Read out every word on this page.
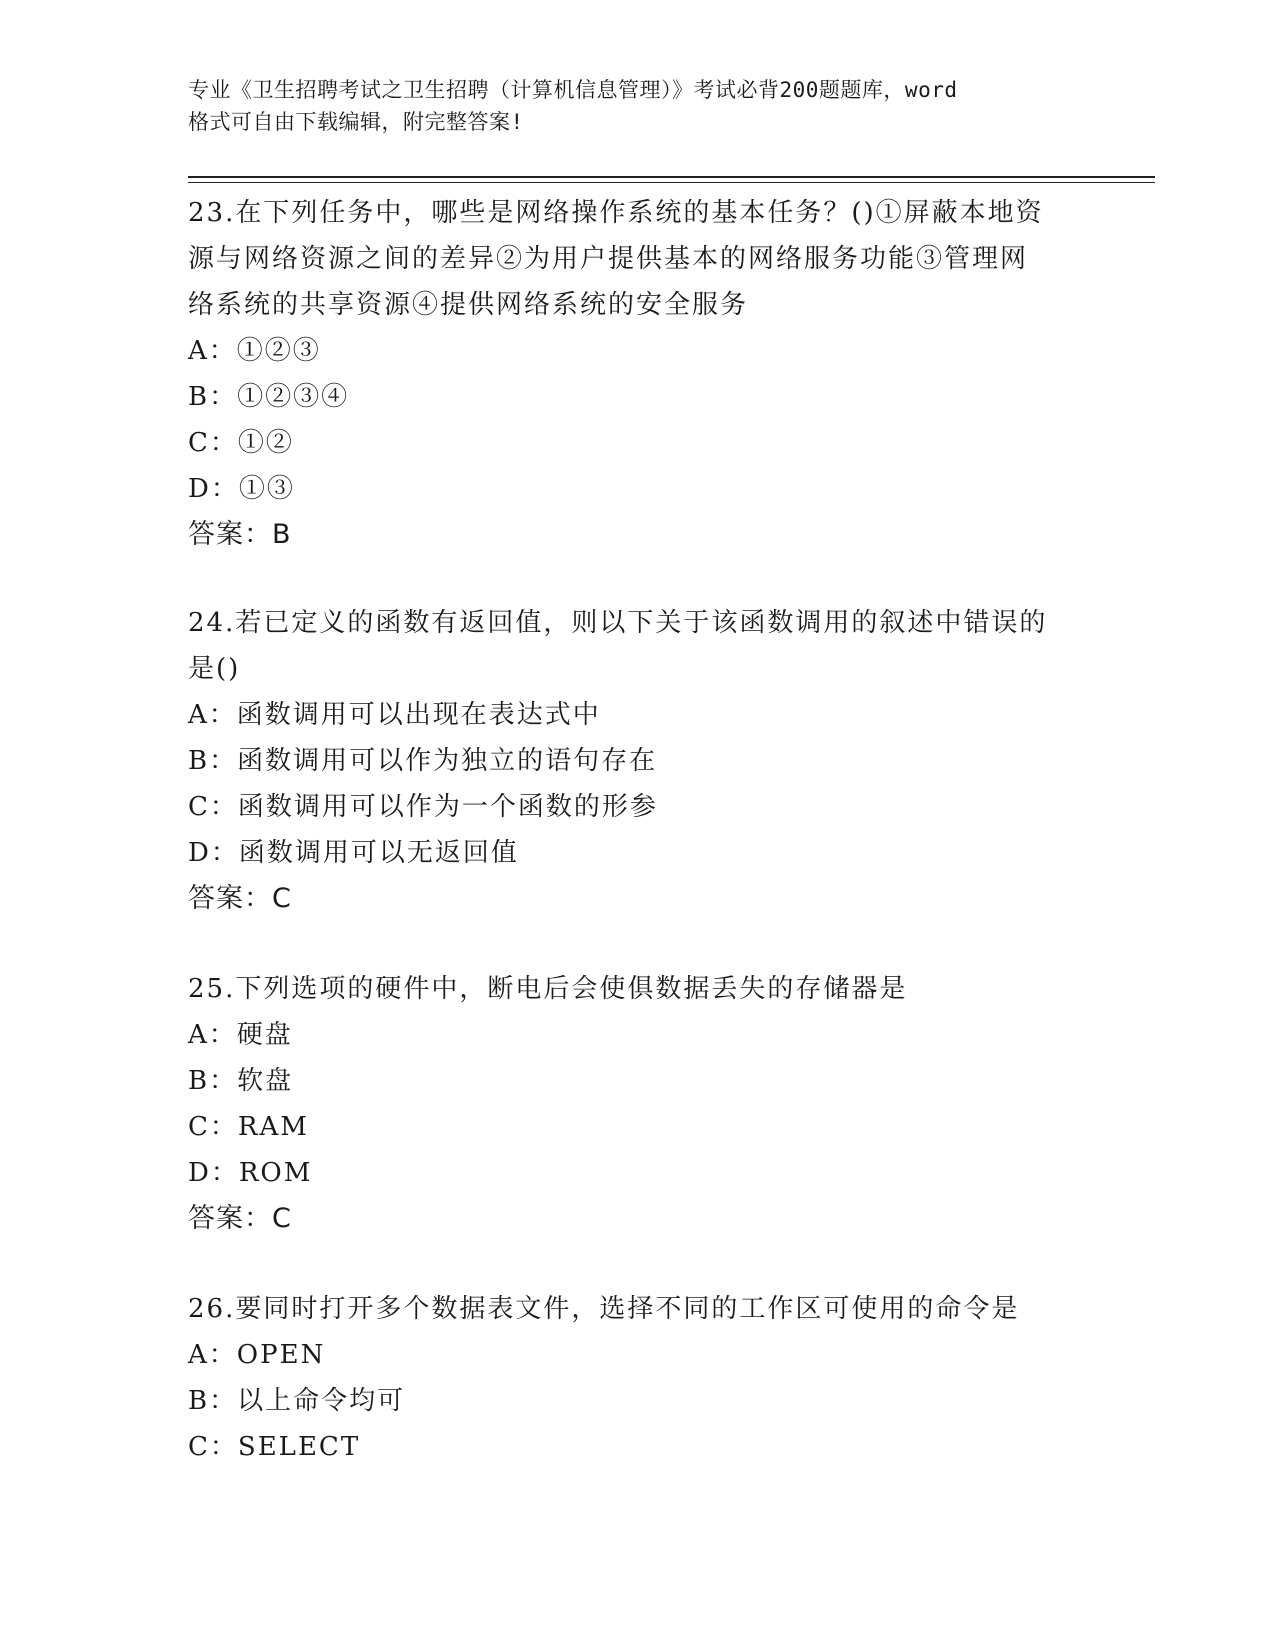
专业《卫生招聘考试之卫生招聘（计算机信息管理）》考试必背200题题库，word
格式可自由下载编辑，附完整答案!

23.在下列任务中，哪些是网络操作系统的基本任务？()①屏蔽本地资

源与网络资源之间的差异②为用户提供基本的网络服务功能③管理网

络系统的共享资源④提供网络系统的安全服务

A：①②③

B：①②③④

C：①②

D：①③

答案：B

24.若已定义的函数有返回值，则以下关于该函数调用的叙述中错误的

是()

A：函数调用可以出现在表达式中

B：函数调用可以作为独立的语句存在

C：函数调用可以作为一个函数的形参

D：函数调用可以无返回值

答案：C

25.下列选项的硬件中，断电后会使俱数据丢失的存储器是

A：硬盘

B：软盘

C：RAM

D：ROM

答案：C

26.要同时打开多个数据表文件，选择不同的工作区可使用的命令是

A：OPEN

B：以上命令均可

C：SELECT
